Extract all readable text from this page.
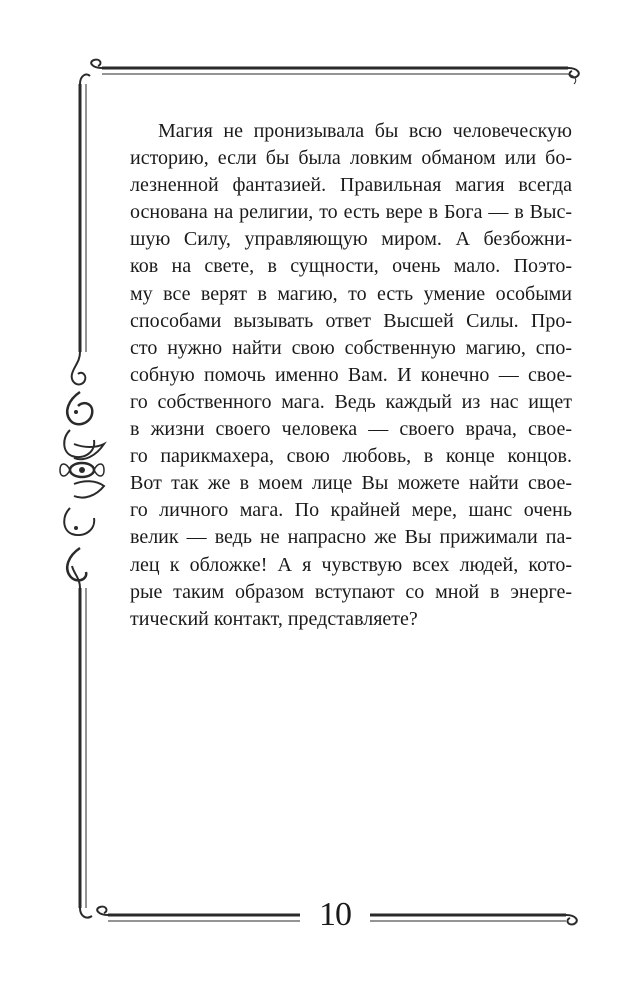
Магия не пронизывала бы всю человеческую
историю, если бы была ловким обманом или бо-
лезненной фантазией. Правильная магия всегда
основана на религии, то есть вере в Бога — в Выс-
шую Силу, управляющую миром. А безбожни-
ков на свете, в сущности, очень мало. Поэто-
му все верят в магию, то есть умение особыми
способами вызывать ответ Высшей Силы. Про-
сто нужно найти свою собственную магию, спо-
собную помочь именно Вам. И конечно — свое-
го собственного мага. Ведь каждый из нас ищет
в жизни своего человека — своего врача, свое-
го парикмахера, свою любовь, в конце концов.
Вот так же в моем лице Вы можете найти свое-
го личного мага. По крайней мере, шанс очень
велик — ведь не напрасно же Вы прижимали па-
лец к обложке! А я чувствую всех людей, кото-
рые таким образом вступают со мной в энерге-
тический контакт, представляете?
10
